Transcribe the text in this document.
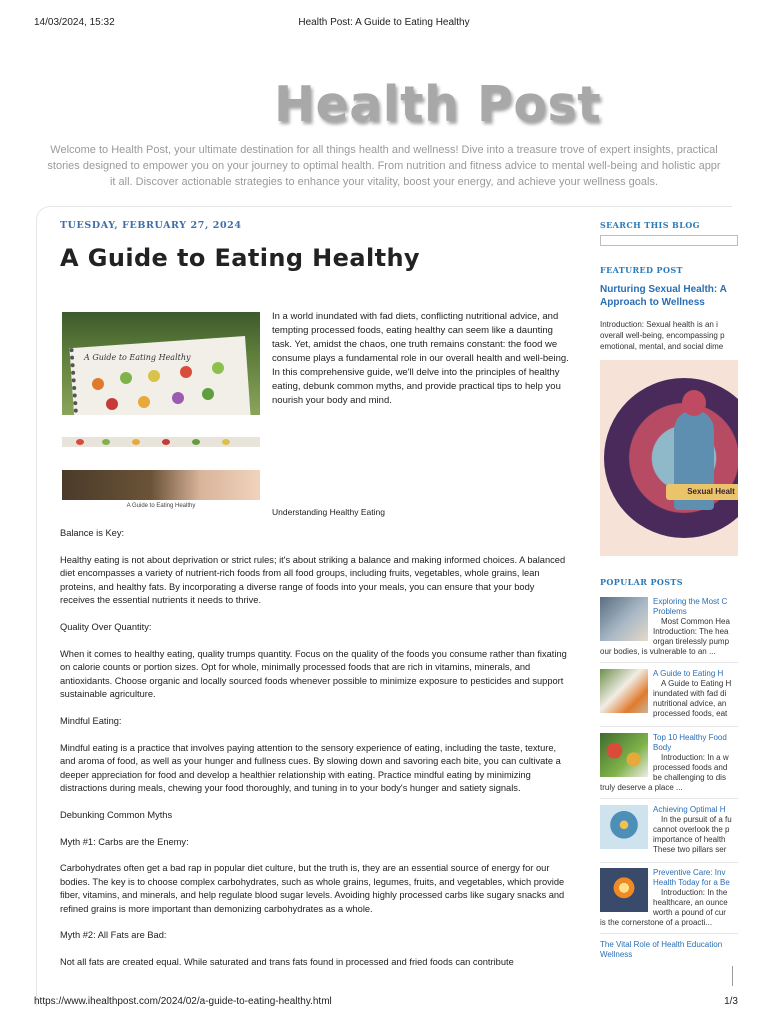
14/03/2024, 15:32	Health Post: A Guide to Eating Healthy
Health Post
Welcome to Health Post, your ultimate destination for all things health and wellness! Dive into a treasure trove of expert insights, practical
stories designed to empower you on your journey to optimal health. From nutrition and fitness advice to mental well-being and holistic appr
it all. Discover actionable strategies to enhance your vitality, boost your energy, and achieve your wellness goals.
TUESDAY, FEBRUARY 27, 2024
A Guide to Eating Healthy
A Guide to Eating Healthy
A Guide to Eating Healthy
Understanding Healthy Eating
In a world inundated with fad diets, conflicting nutritional advice, and tempting processed foods, eating healthy can seem like a daunting task. Yet, amidst the chaos, one truth remains constant: the food we consume plays a fundamental role in our overall health and well-being. In this comprehensive guide, we'll delve into the principles of healthy eating, debunk common myths, and provide practical tips to help you nourish your body and mind.

Balance is Key:

Healthy eating is not about deprivation or strict rules; it's about striking a balance and making informed choices. A balanced diet encompasses a variety of nutrient-rich foods from all food groups, including fruits, vegetables, whole grains, lean proteins, and healthy fats. By incorporating a diverse range of foods into your meals, you can ensure that your body receives the essential nutrients it needs to thrive.

Quality Over Quantity:

When it comes to healthy eating, quality trumps quantity. Focus on the quality of the foods you consume rather than fixating on calorie counts or portion sizes. Opt for whole, minimally processed foods that are rich in vitamins, minerals, and antioxidants. Choose organic and locally sourced foods whenever possible to minimize exposure to pesticides and support sustainable agriculture.

Mindful Eating:

Mindful eating is a practice that involves paying attention to the sensory experience of eating, including the taste, texture, and aroma of food, as well as your hunger and fullness cues. By slowing down and savoring each bite, you can cultivate a deeper appreciation for food and develop a healthier relationship with eating. Practice mindful eating by minimizing distractions during meals, chewing your food thoroughly, and tuning in to your body's hunger and satiety signals.

Debunking Common Myths

Myth #1: Carbs are the Enemy:

Carbohydrates often get a bad rap in popular diet culture, but the truth is, they are an essential source of energy for our bodies. The key is to choose complex carbohydrates, such as whole grains, legumes, fruits, and vegetables, which provide fiber, vitamins, and minerals, and help regulate blood sugar levels. Avoiding highly processed carbs like sugary snacks and refined grains is more important than demonizing carbohydrates as a whole.

Myth #2: All Fats are Bad:

Not all fats are created equal. While saturated and trans fats found in processed and fried foods can contribute

SEARCH THIS BLOG
FEATURED POST
Nurturing Sexual Health: A
Approach to Wellness
Introduction: Sexual health is an i
overall well-being, encompassing p
emotional, mental, and social dime
Sexual Healt
POPULAR POSTS
Exploring the Most C
Problems
Most Common Hea
Introduction: The hea
organ tirelessly pump
our bodies, is vulnerable to an ...
A Guide to Eating H
A Guide to Eating H
inundated with fad di
nutritional advice, an
processed foods, eat
Top 10 Healthy Food
Body
Introduction: In a w
processed foods and
be challenging to dis
truly deserve a place ...
Achieving Optimal H
In the pursuit of a fu
cannot overlook the p
importance of health
These two pillars ser
Preventive Care: Inv
Health Today for a Be
Introduction: In the
healthcare, an ounce
worth a pound of cur
is the cornerstone of a proacti...
The Vital Role of Health Education
Wellness
https://www.ihealthpost.com/2024/02/a-guide-to-eating-healthy.html	1/3
